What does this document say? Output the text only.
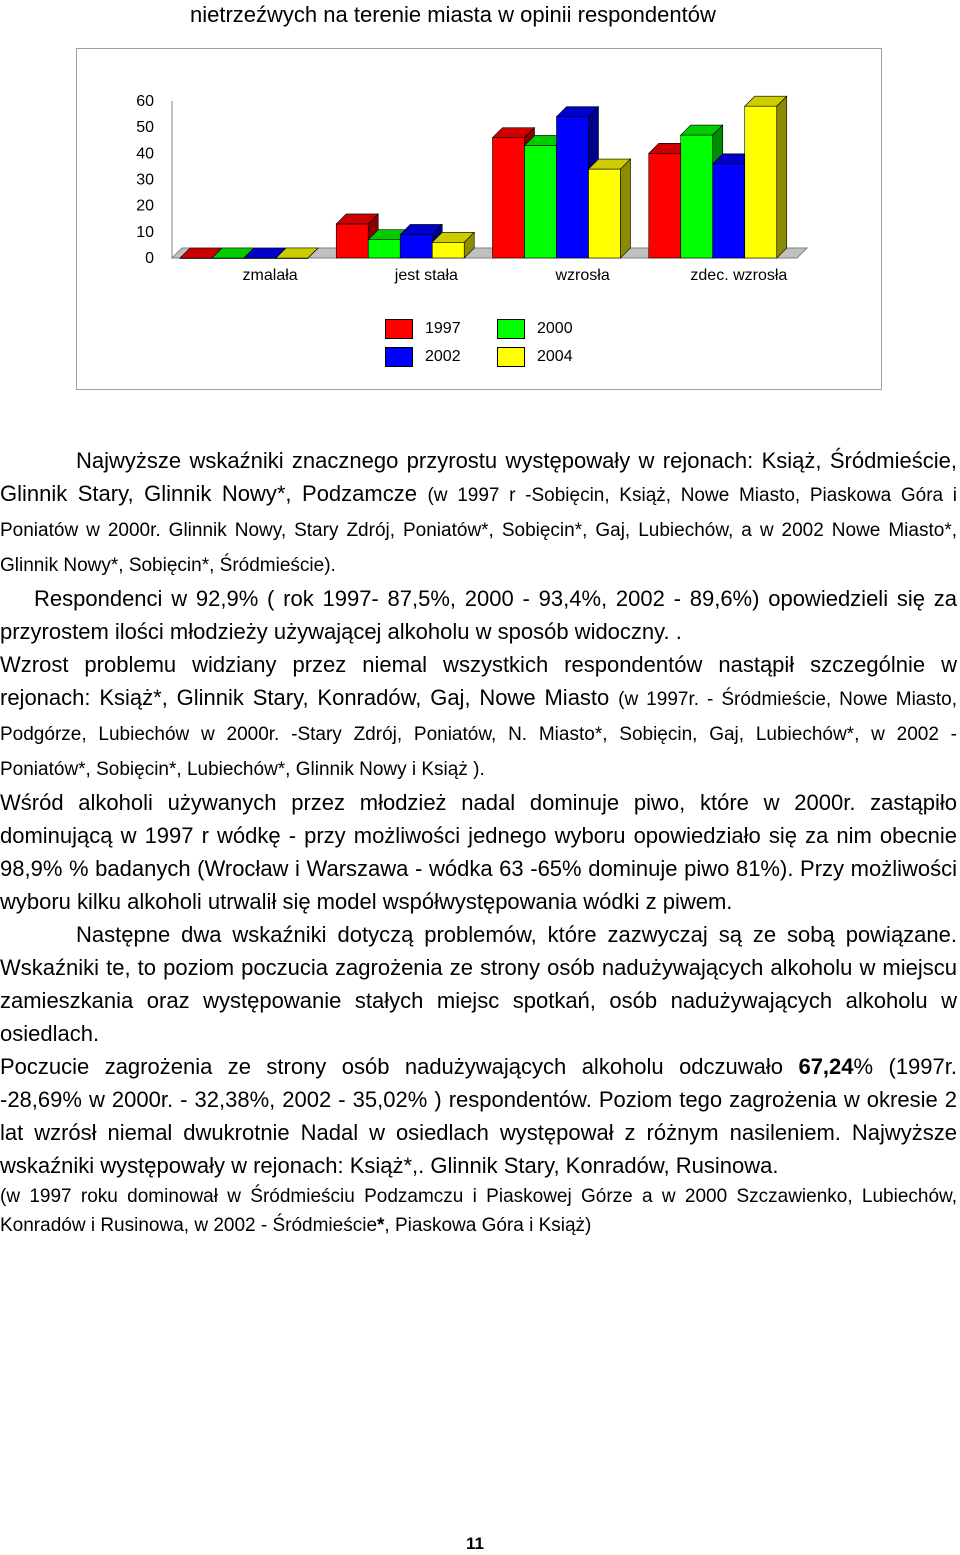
nietrzeźwych na terenie miasta w opinii respondentów
0
10
20
30
40
50
60
zmalała	jest stała	wzrosła	zdec. wzrosła
1997	2000
2002	2004

Najwyższe wskaźniki znacznego przyrostu występowały w rejonach: Książ, Śródmieście, Glinnik Stary, Glinnik Nowy*, Podzamcze (w 1997 r -Sobięcin, Książ, Nowe Miasto, Piaskowa Góra i Poniatów w 2000r. Glinnik Nowy, Stary Zdrój, Poniatów*, Sobięcin*, Gaj, Lubiechów, a w 2002 Nowe Miasto*, Glinnik Nowy*, Sobięcin*, Śródmieście).

Respondenci w 92,9% ( rok 1997- 87,5%, 2000 - 93,4%, 2002 - 89,6%) opowiedzieli się za przyrostem ilości młodzieży używającej alkoholu w sposób widoczny. .

Wzrost problemu widziany przez niemal wszystkich respondentów nastąpił szczególnie w rejonach: Książ*, Glinnik Stary, Konradów, Gaj, Nowe Miasto (w 1997r. - Śródmieście, Nowe Miasto, Podgórze, Lubiechów w 2000r. -Stary Zdrój, Poniatów, N. Miasto*, Sobięcin, Gaj, Lubiechów*, w 2002 - Poniatów*, Sobięcin*, Lubiechów*, Glinnik Nowy i Książ ).

Wśród alkoholi używanych przez młodzież nadal dominuje piwo, które w 2000r. zastąpiło dominującą w 1997 r wódkę - przy możliwości jednego wyboru opowiedziało się za nim obecnie 98,9% % badanych (Wrocław i Warszawa - wódka 63 -65% dominuje piwo 81%). Przy możliwości wyboru kilku alkoholi utrwalił się model współwystępowania wódki z piwem.

Następne dwa wskaźniki dotyczą problemów, które zazwyczaj są ze sobą powiązane. Wskaźniki te, to poziom poczucia zagrożenia ze strony osób nadużywających alkoholu w miejscu zamieszkania oraz występowanie stałych miejsc spotkań, osób nadużywających alkoholu w osiedlach.

Poczucie zagrożenia ze strony osób nadużywających alkoholu odczuwało 67,24% (1997r. -28,69% w 2000r. - 32,38%, 2002 - 35,02% ) respondentów. Poziom tego zagrożenia w okresie 2 lat wzrósł niemal dwukrotnie Nadal w osiedlach występował z różnym nasileniem. Najwyższe wskaźniki występowały w rejonach: Książ*,. Glinnik Stary, Konradów, Rusinowa.

(w 1997 roku dominował w Śródmieściu Podzamczu i Piaskowej Górze a w 2000 Szczawienko, Lubiechów, Konradów i Rusinowa, w 2002 - Śródmieście*, Piaskowa Góra i Książ)

11
